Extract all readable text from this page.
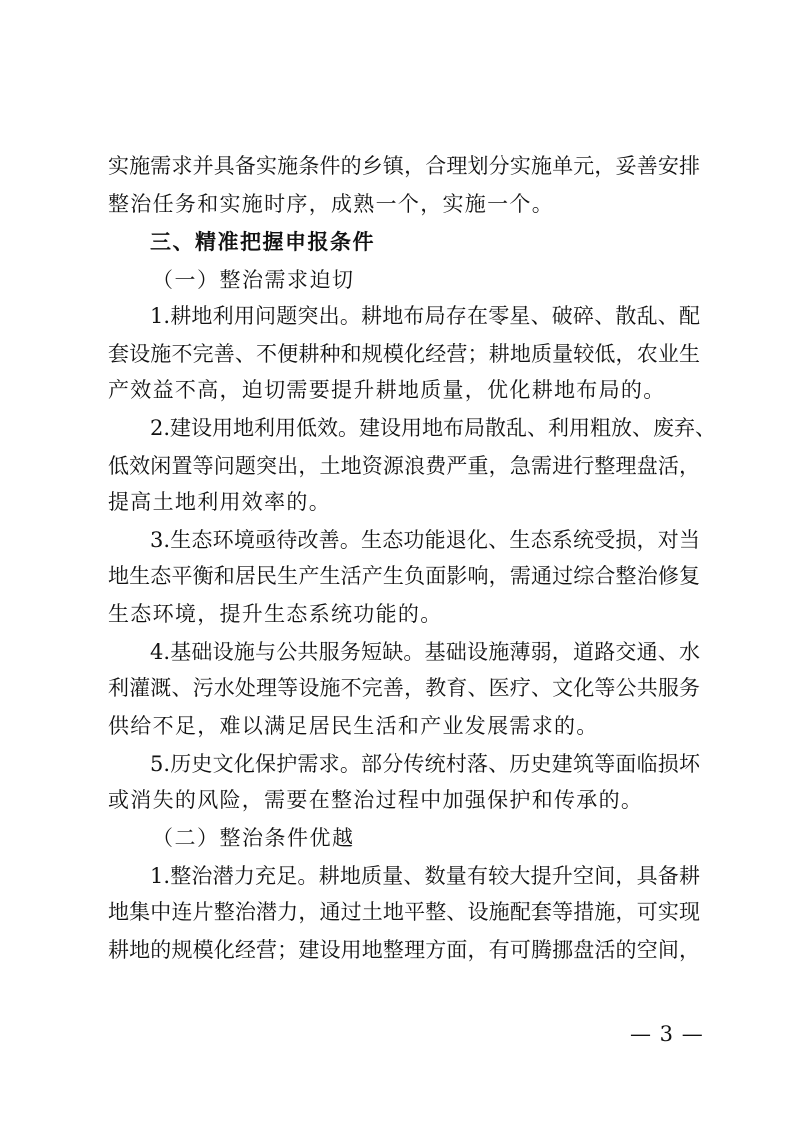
实施需求并具备实施条件的乡镇，合理划分实施单元，妥善安排
整治任务和实施时序，成熟一个，实施一个。
三、精准把握申报条件
（一）整治需求迫切
1.耕地利用问题突出。耕地布局存在零星、破碎、散乱、配
套设施不完善、不便耕种和规模化经营；耕地质量较低，农业生
产效益不高，迫切需要提升耕地质量，优化耕地布局的。
2.建设用地利用低效。建设用地布局散乱、利用粗放、废弃、
低效闲置等问题突出，土地资源浪费严重，急需进行整理盘活，
提高土地利用效率的。
3.生态环境亟待改善。生态功能退化、生态系统受损，对当
地生态平衡和居民生产生活产生负面影响，需通过综合整治修复
生态环境，提升生态系统功能的。
4.基础设施与公共服务短缺。基础设施薄弱，道路交通、水
利灌溉、污水处理等设施不完善，教育、医疗、文化等公共服务
供给不足，难以满足居民生活和产业发展需求的。
5.历史文化保护需求。部分传统村落、历史建筑等面临损坏
或消失的风险，需要在整治过程中加强保护和传承的。
（二）整治条件优越
1.整治潜力充足。耕地质量、数量有较大提升空间，具备耕
地集中连片整治潜力，通过土地平整、设施配套等措施，可实现
耕地的规模化经营；建设用地整理方面，有可腾挪盘活的空间，
— 3 —
